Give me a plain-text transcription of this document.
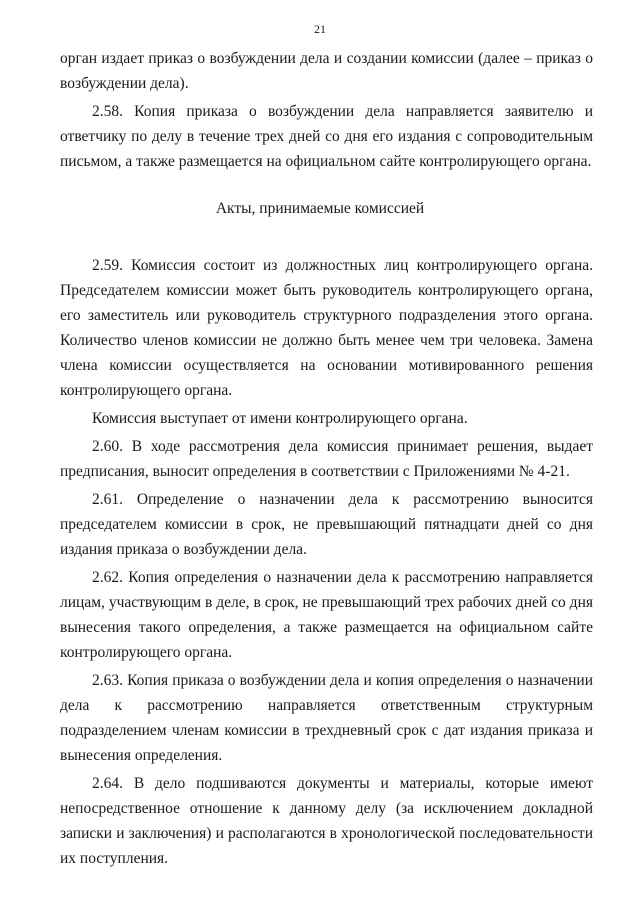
21

орган издает приказ о возбуждении дела и создании комиссии (далее – приказ о возбуждении дела).

2.58. Копия приказа о возбуждении дела направляется заявителю и ответчику по делу в течение трех дней со дня его издания с сопроводительным письмом, а также размещается на официальном сайте контролирующего органа.

Акты, принимаемые комиссией

2.59. Комиссия состоит из должностных лиц контролирующего органа. Председателем комиссии может быть руководитель контролирующего органа, его заместитель или руководитель структурного подразделения этого органа. Количество членов комиссии не должно быть менее чем три человека. Замена члена комиссии осуществляется на основании мотивированного решения контролирующего органа.

Комиссия выступает от имени контролирующего органа.

2.60. В ходе рассмотрения дела комиссия принимает решения, выдает предписания, выносит определения в соответствии с Приложениями № 4-21.

2.61. Определение о назначении дела к рассмотрению выносится председателем комиссии в срок, не превышающий пятнадцати дней со дня издания приказа о возбуждении дела.

2.62. Копия определения о назначении дела к рассмотрению направляется лицам, участвующим в деле, в срок, не превышающий трех рабочих дней со дня вынесения такого определения, а также размещается на официальном сайте контролирующего органа.

2.63. Копия приказа о возбуждении дела и копия определения о назначении дела к рассмотрению направляется ответственным структурным подразделением членам комиссии в трехдневный срок с дат издания приказа и вынесения определения.

2.64. В дело подшиваются документы и материалы, которые имеют непосредственное отношение к данному делу (за исключением докладной записки и заключения) и располагаются в хронологической последовательности их поступления.
